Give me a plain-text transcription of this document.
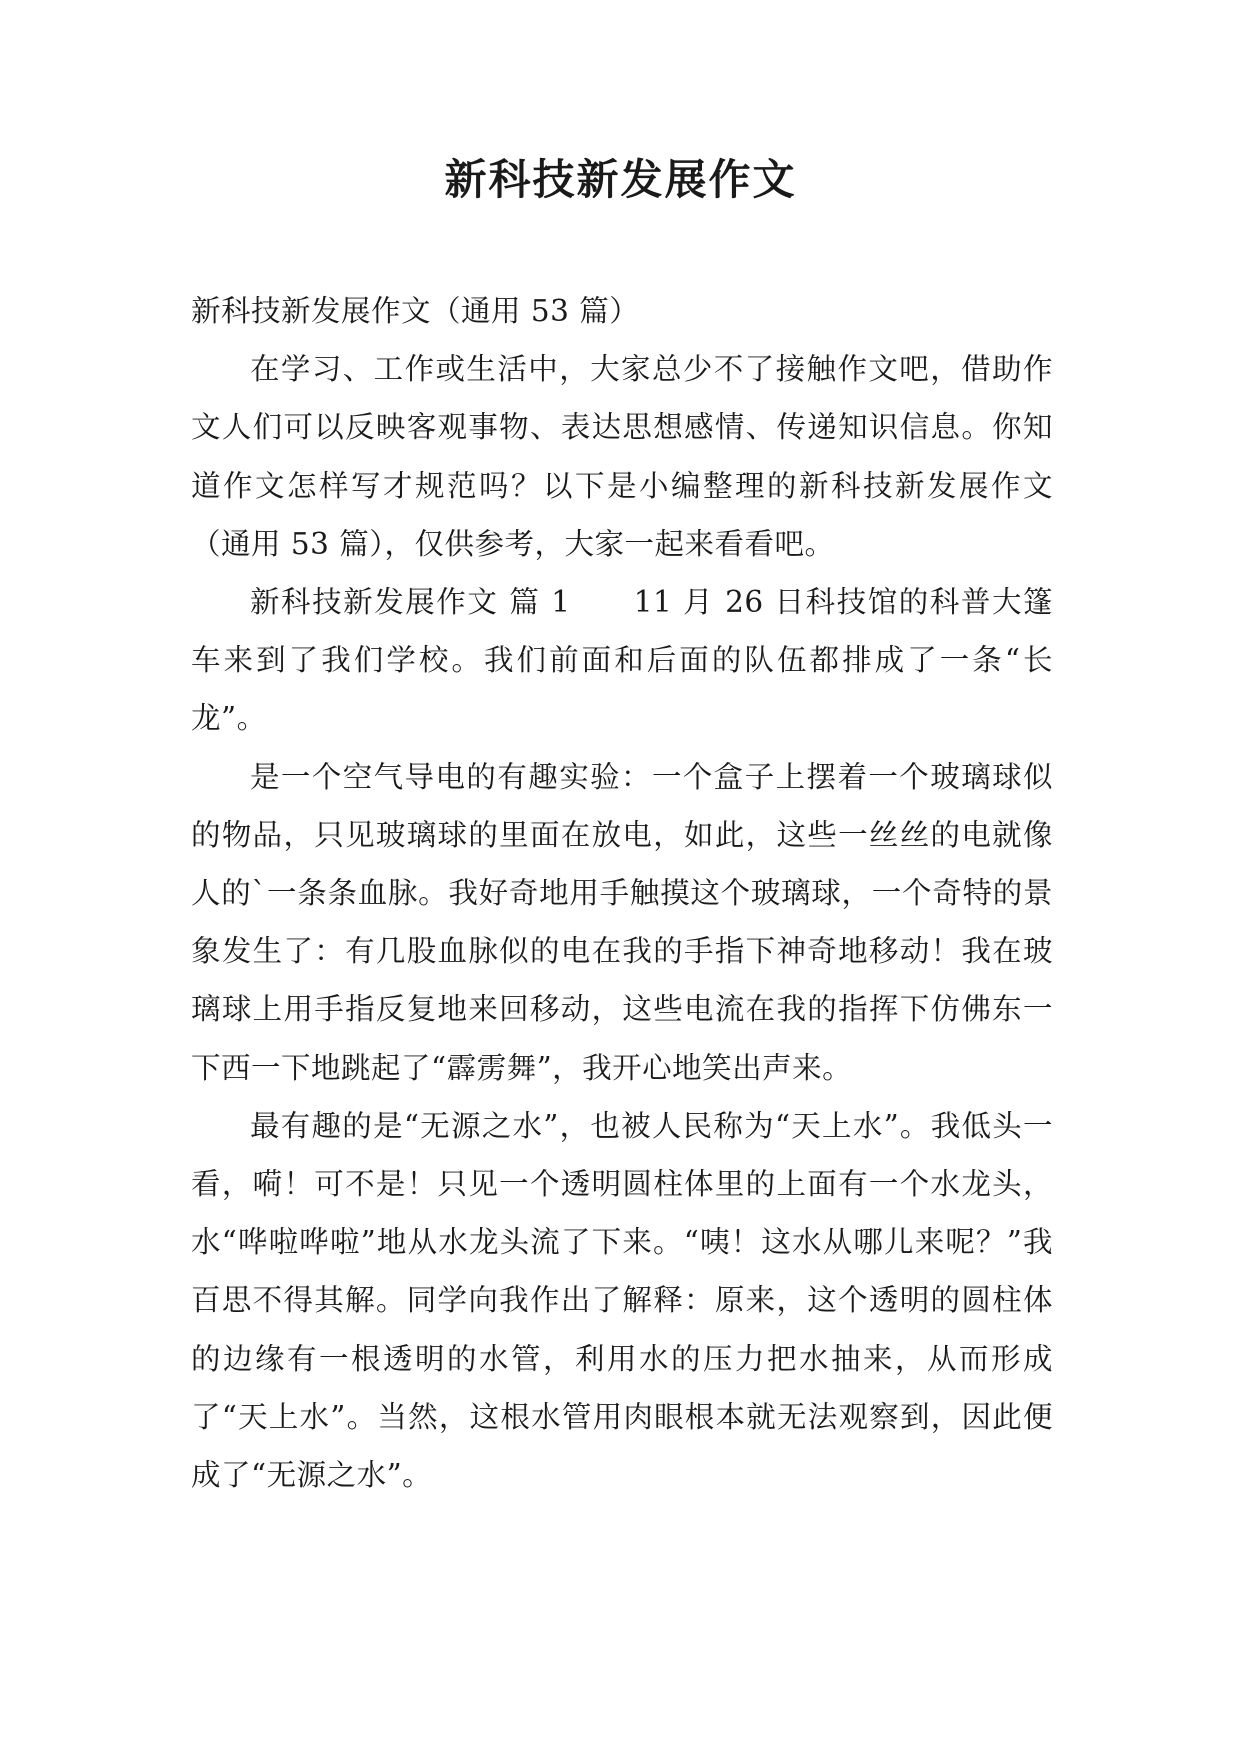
新科技新发展作文

新科技新发展作文（通用 53 篇）

在学习、工作或生活中，大家总少不了接触作文吧，借助作文人们可以反映客观事物、表达思想感情、传递知识信息。你知道作文怎样写才规范吗？以下是小编整理的新科技新发展作文（通用 53 篇），仅供参考，大家一起来看看吧。

新科技新发展作文 篇 1　　11 月 26 日科技馆的科普大篷车来到了我们学校。我们前面和后面的队伍都排成了一条“长龙”。

是一个空气导电的有趣实验：一个盒子上摆着一个玻璃球似的物品，只见玻璃球的里面在放电，如此，这些一丝丝的电就像人的`一条条血脉。我好奇地用手触摸这个玻璃球，一个奇特的景象发生了：有几股血脉似的电在我的手指下神奇地移动！我在玻璃球上用手指反复地来回移动，这些电流在我的指挥下仿佛东一下西一下地跳起了“霹雳舞”，我开心地笑出声来。

最有趣的是“无源之水”，也被人民称为“天上水”。我低头一看，嗬！可不是！只见一个透明圆柱体里的上面有一个水龙头，水“哗啦哗啦”地从水龙头流了下来。“咦！这水从哪儿来呢？”我百思不得其解。同学向我作出了解释：原来，这个透明的圆柱体的边缘有一根透明的水管，利用水的压力把水抽来，从而形成了“天上水”。当然，这根水管用肉眼根本就无法观察到，因此便成了“无源之水”。
